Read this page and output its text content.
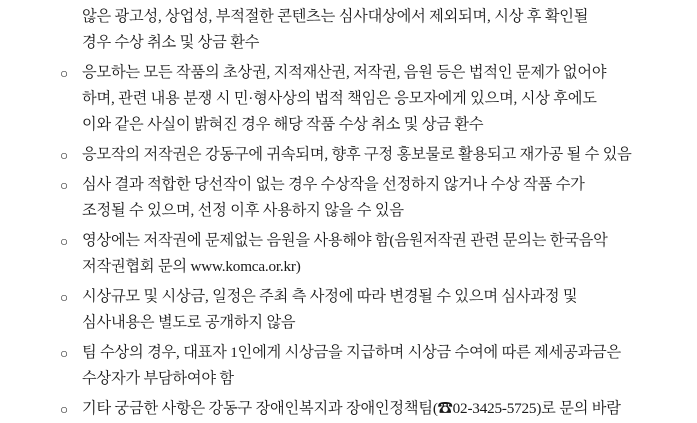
않은 광고성, 상업성, 부적절한 콘텐츠는 심사대상에서 제외되며, 시상 후 확인될
경우 수상 취소 및 상금 환수
○ 응모하는 모든 작품의 초상권, 지적재산권, 저작권, 음원 등은 법적인 문제가 없어야
하며, 관련 내용 분쟁 시 민·형사상의 법적 책임은 응모자에게 있으며, 시상 후에도
이와 같은 사실이 밝혀진 경우 해당 작품 수상 취소 및 상금 환수
○ 응모작의 저작권은 강동구에 귀속되며, 향후 구정 홍보물로 활용되고 재가공 될 수 있음
○ 심사 결과 적합한 당선작이 없는 경우 수상작을 선정하지 않거나 수상 작품 수가
조정될 수 있으며, 선정 이후 사용하지 않을 수 있음
○ 영상에는 저작권에 문제없는 음원을 사용해야 함(음원저작권 관련 문의는 한국음악
저작권협회 문의 www.komca.or.kr)
○ 시상규모 및 시상금, 일정은 주최 측 사정에 따라 변경될 수 있으며 심사과정 및
심사내용은 별도로 공개하지 않음
○ 팀 수상의 경우, 대표자 1인에게 시상금을 지급하며 시상금 수여에 따른 제세공과금은
수상자가 부담하여야 함
○ 기타 궁금한 사항은 강동구 장애인복지과 장애인정책팀(☎02-3425-5725)로 문의 바람
